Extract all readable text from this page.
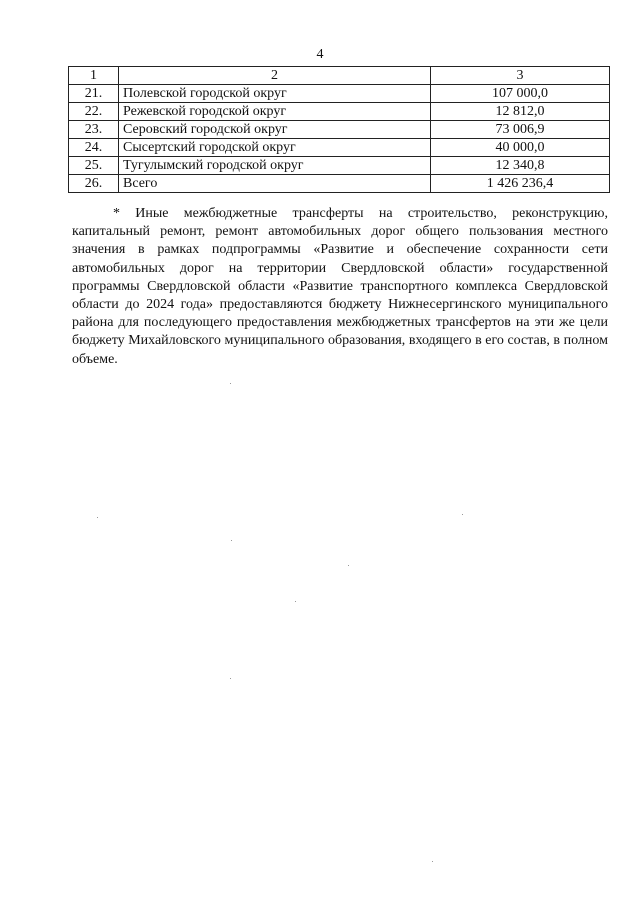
4
1	2	3
21.	Полевской городской округ	107 000,0
22.	Режевской городской округ	12 812,0
23.	Серовский городской округ	73 006,9
24.	Сысертский городской округ	40 000,0
25.	Тугулымский городской округ	12 340,8
26.	Всего	1 426 236,4

* Иные межбюджетные трансферты на строительство, реконструкцию, капитальный ремонт, ремонт автомобильных дорог общего пользования местного значения в рамках подпрограммы «Развитие и обеспечение сохранности сети автомобильных дорог на территории Свердловской области» государственной программы Свердловской области «Развитие транспортного комплекса Свердловской области до 2024 года» предоставляются бюджету Нижнесергинского муниципального района для последующего предоставления межбюджетных трансфертов на эти же цели бюджету Михайловского муниципального образования, входящего в его состав, в полном объеме.
